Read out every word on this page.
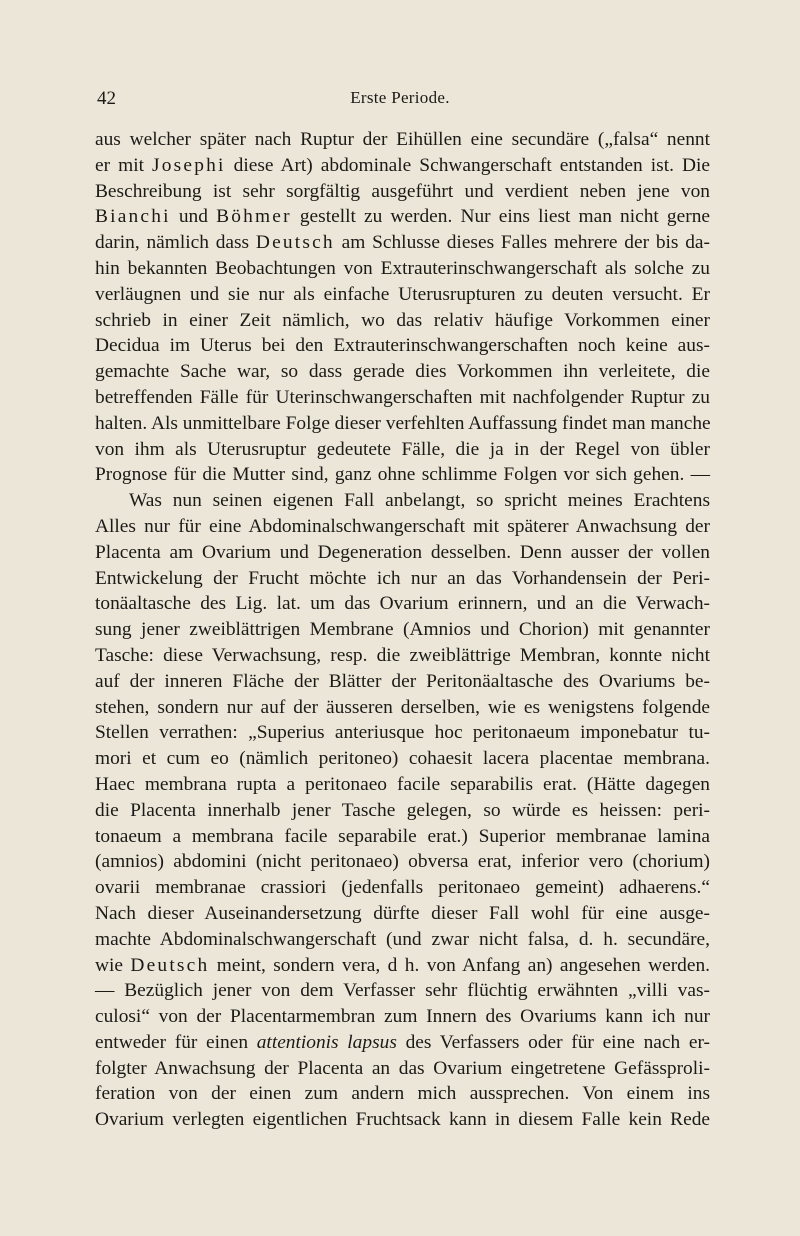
42	Erste Periode.
aus welcher später nach Ruptur der Eihüllen eine secundäre („falsa“ nennt
er mit Josephi diese Art) abdominale Schwangerschaft entstanden ist. Die
Beschreibung ist sehr sorgfältig ausgeführt und verdient neben jene von
Bianchi und Böhmer gestellt zu werden. Nur eins liest man nicht gerne
darin, nämlich dass Deutsch am Schlusse dieses Falles mehrere der bis da-
hin bekannten Beobachtungen von Extrauterinschwangerschaft als solche zu
verläugnen und sie nur als einfache Uterusrupturen zu deuten versucht. Er
schrieb in einer Zeit nämlich, wo das relativ häufige Vorkommen einer
Decidua im Uterus bei den Extrauterinschwangerschaften noch keine aus-
gemachte Sache war, so dass gerade dies Vorkommen ihn verleitete, die
betreffenden Fälle für Uterinschwangerschaften mit nachfolgender Ruptur zu
halten. Als unmittelbare Folge dieser verfehlten Auffassung findet man manche
von ihm als Uterusruptur gedeutete Fälle, die ja in der Regel von übler
Prognose für die Mutter sind, ganz ohne schlimme Folgen vor sich gehen. —
Was nun seinen eigenen Fall anbelangt, so spricht meines Erachtens
Alles nur für eine Abdominalschwangerschaft mit späterer Anwachsung der
Placenta am Ovarium und Degeneration desselben. Denn ausser der vollen
Entwickelung der Frucht möchte ich nur an das Vorhandensein der Peri-
tonäaltasche des Lig. lat. um das Ovarium erinnern, und an die Verwach-
sung jener zweiblättrigen Membrane (Amnios und Chorion) mit genannter
Tasche: diese Verwachsung, resp. die zweiblättrige Membran, konnte nicht
auf der inneren Fläche der Blätter der Peritonäaltasche des Ovariums be-
stehen, sondern nur auf der äusseren derselben, wie es wenigstens folgende
Stellen verrathen: „Superius anteriusque hoc peritonaeum imponebatur tu-
mori et cum eo (nämlich peritoneo) cohaesit lacera placentae membrana.
Haec membrana rupta a peritonaeo facile separabilis erat. (Hätte dagegen
die Placenta innerhalb jener Tasche gelegen, so würde es heissen: peri-
tonaeum a membrana facile separabile erat.) Superior membranae lamina
(amnios) abdomini (nicht peritonaeo) obversa erat, inferior vero (chorium)
ovarii membranae crassiori (jedenfalls peritonaeo gemeint) adhaerens.“
Nach dieser Auseinandersetzung dürfte dieser Fall wohl für eine ausge-
machte Abdominalschwangerschaft (und zwar nicht falsa, d. h. secundäre,
wie Deutsch meint, sondern vera, d h. von Anfang an) angesehen werden.
— Bezüglich jener von dem Verfasser sehr flüchtig erwähnten „villi vas-
culosi“ von der Placentarmembran zum Innern des Ovariums kann ich nur
entweder für einen attentionis lapsus des Verfassers oder für eine nach er-
folgter Anwachsung der Placenta an das Ovarium eingetretene Gefässproli-
feration von der einen zum andern mich aussprechen. Von einem ins
Ovarium verlegten eigentlichen Fruchtsack kann in diesem Falle kein Rede
